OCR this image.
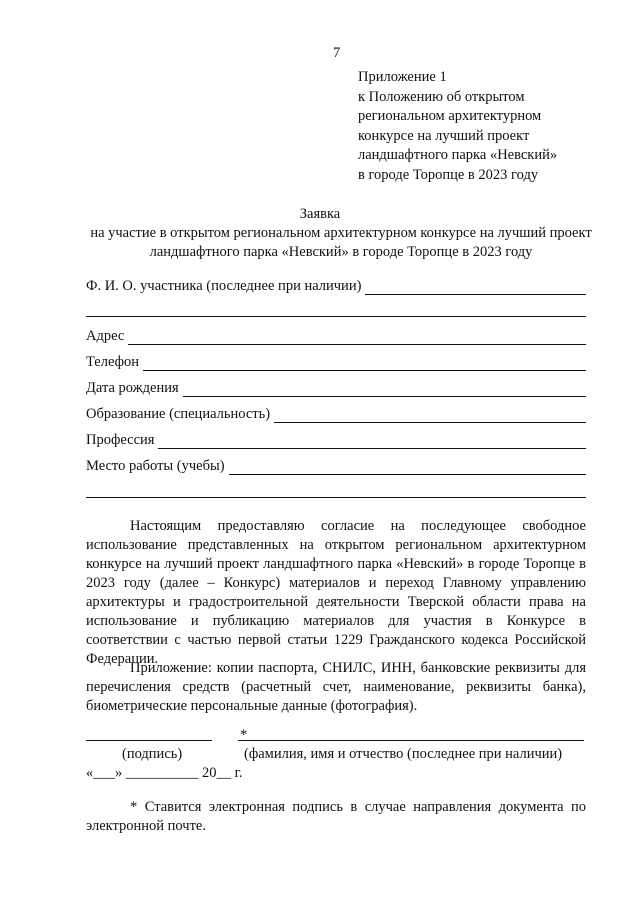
7
Приложение 1
к Положению об открытом
региональном архитектурном
конкурсе на лучший проект
ландшафтного парка «Невский»
в городе Торопце в 2023 году
Заявка
на участие в открытом региональном архитектурном конкурсе на лучший проект ландшафтного парка «Невский» в городе Торопце в 2023 году
Ф. И. О. участника (последнее при наличии)
Адрес
Телефон
Дата рождения
Образование (специальность)
Профессия
Место работы (учебы)

Настоящим предоставляю согласие на последующее свободное использование представленных на открытом региональном архитектурном конкурсе на лучший проект ландшафтного парка «Невский» в городе Торопце в 2023 году (далее – Конкурс) материалов и переход Главному управлению архитектуры и градостроительной деятельности Тверской области права на использование и публикацию материалов для участия в Конкурсе в соответствии с частью первой статьи 1229 Гражданского кодекса Российской Федерации.

Приложение: копии паспорта, СНИЛС, ИНН, банковские реквизиты для перечисления средств (расчетный счет, наименование, реквизиты банка), биометрические персональные данные (фотография).

*
(подпись)	(фамилия, имя и отчество (последнее при наличии)
«___» __________ 20__ г.

* Ставится электронная подпись в случае направления документа по электронной почте.
